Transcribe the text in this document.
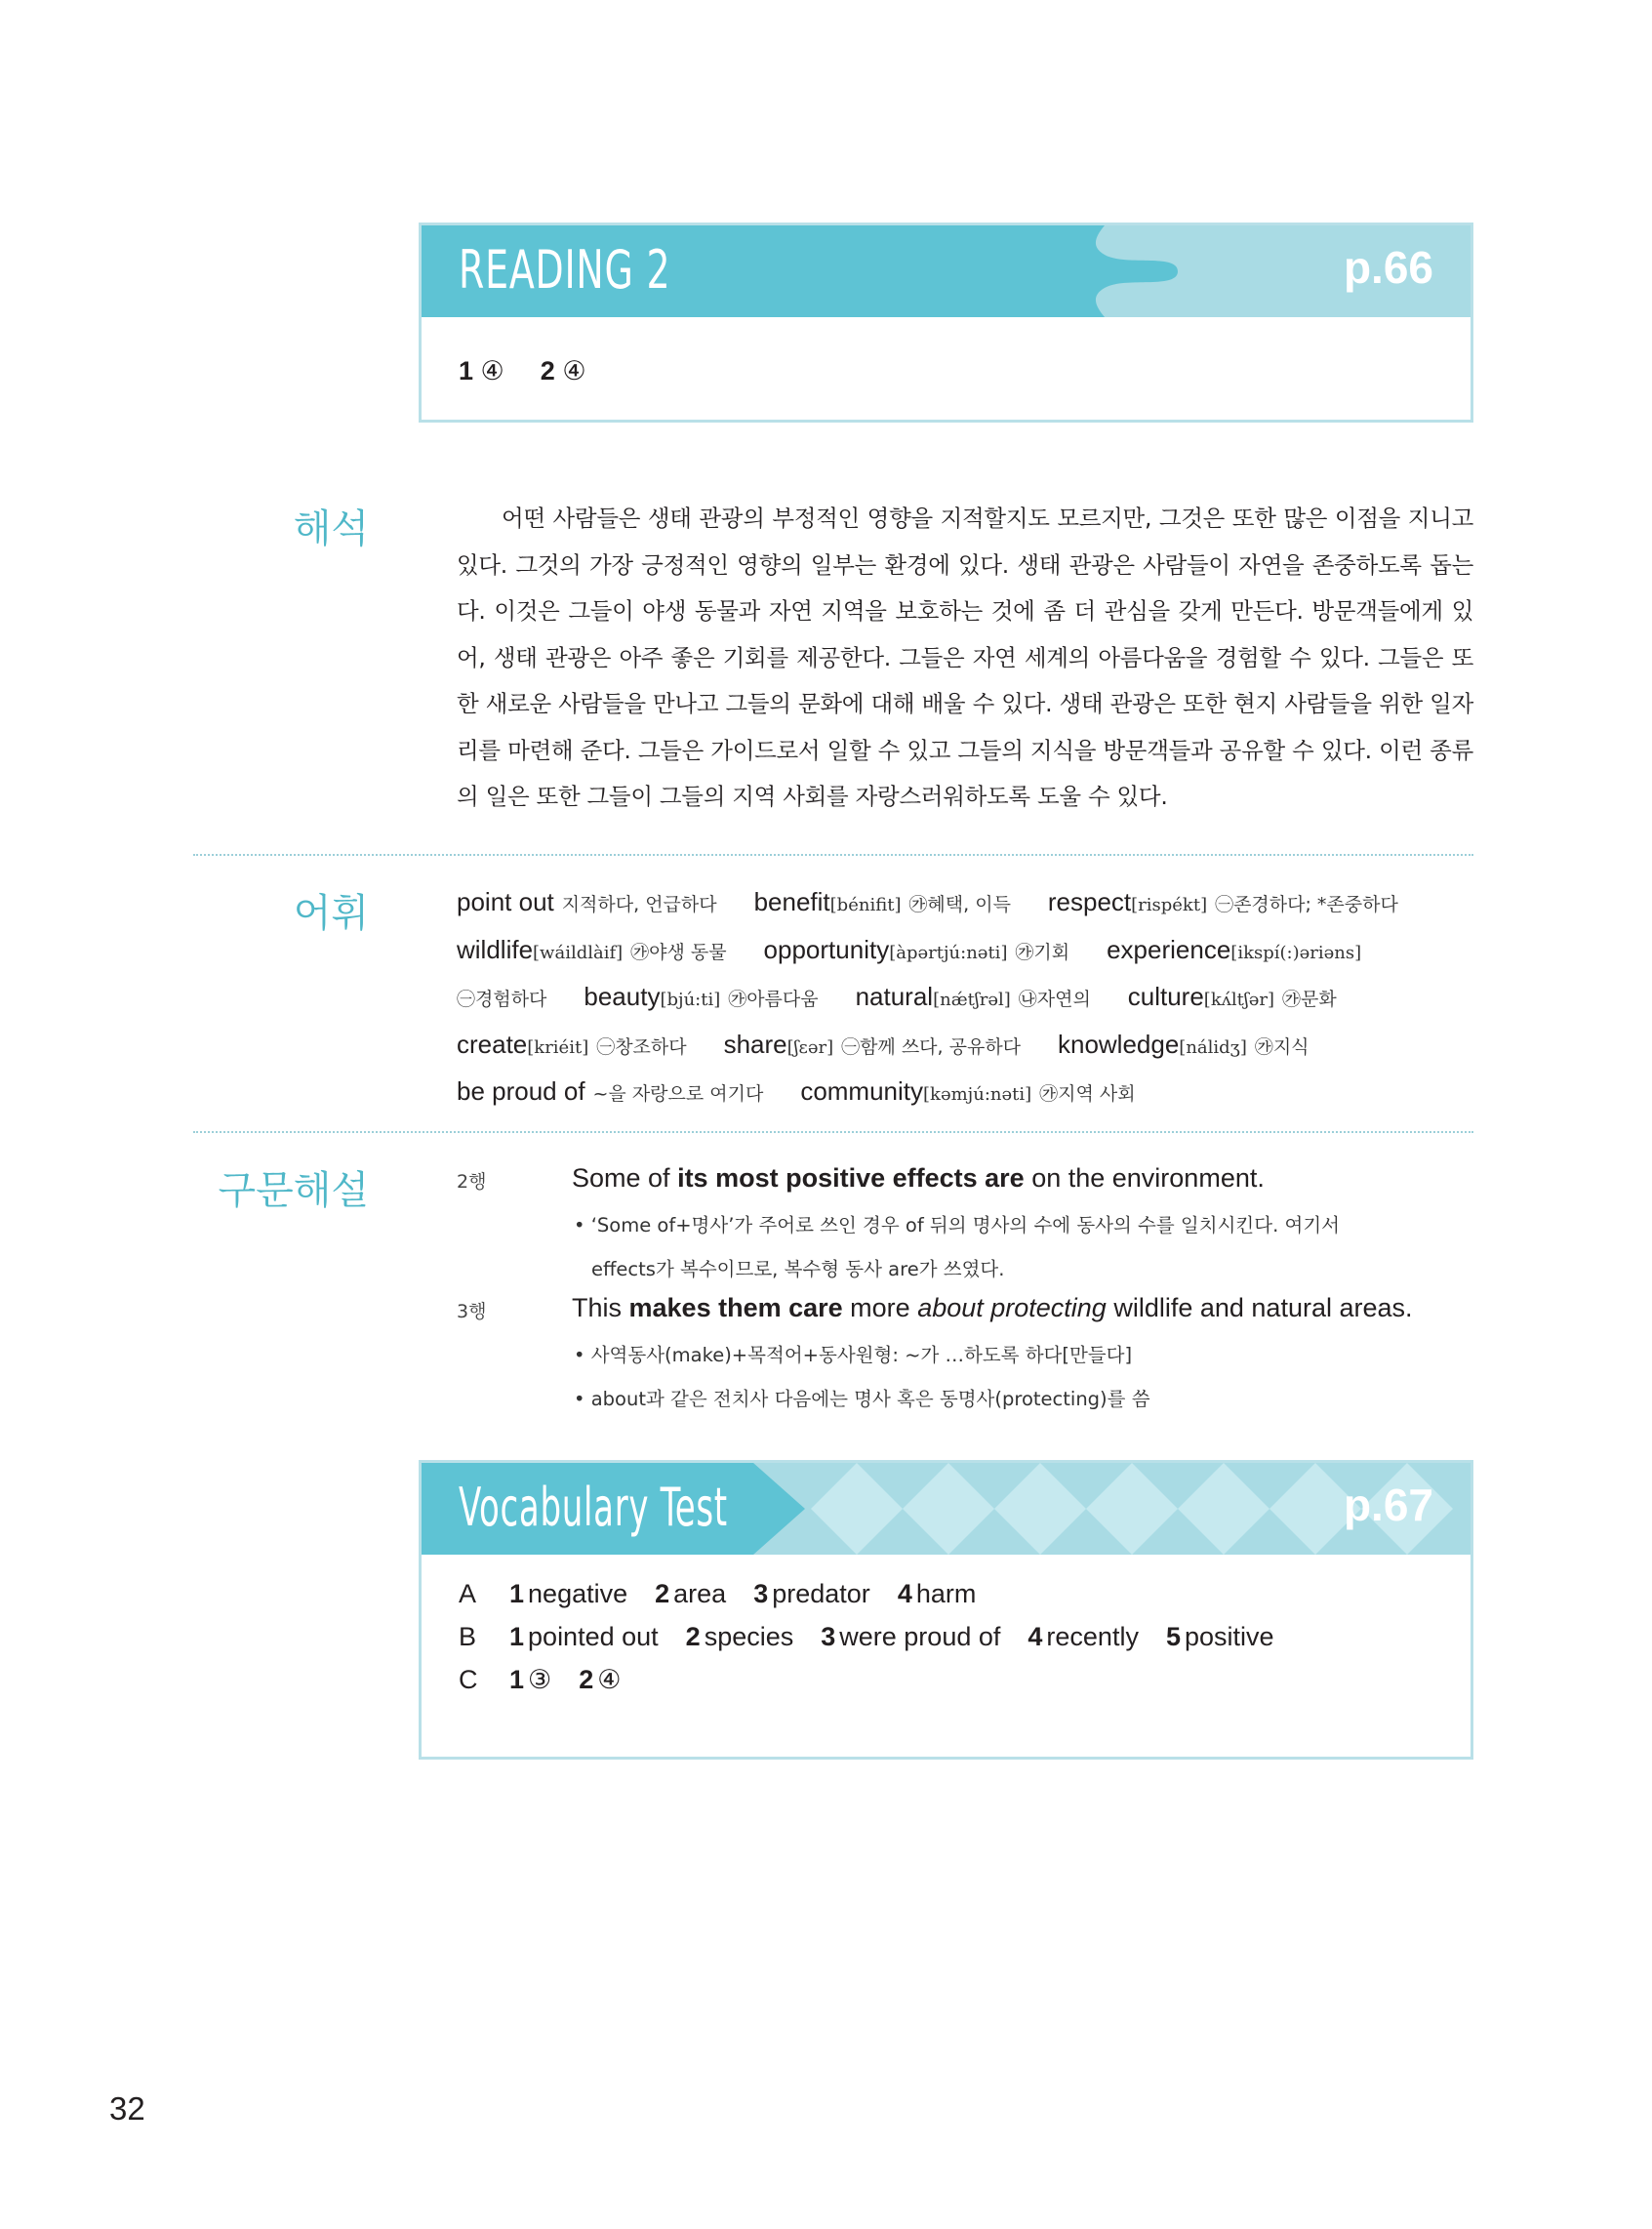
READING 2	p.66
1 ④ 2 ④
해석	어떤 사람들은 생태 관광의 부정적인 영향을 지적할지도 모르지만, 그것은 또한 많은 이점을 지니고 있다. 그것의 가장 긍정적인 영향의 일부는 환경에 있다. 생태 관광은 사람들이 자연을 존중하도록 돕는다. 이것은 그들이 야생 동물과 자연 지역을 보호하는 것에 좀 더 관심을 갖게 만든다. 방문객들에게 있어, 생태 관광은 아주 좋은 기회를 제공한다. 그들은 자연 세계의 아름다움을 경험할 수 있다. 그들은 또한 새로운 사람들을 만나고 그들의 문화에 대해 배울 수 있다. 생태 관광은 또한 현지 사람들을 위한 일자리를 마련해 준다. 그들은 가이드로서 일할 수 있고 그들의 지식을 방문객들과 공유할 수 있다. 이런 종류의 일은 또한 그들이 그들의 지역 사회를 자랑스러워하도록 도울 수 있다.
어휘	point out 지적하다, 언급하다 benefit[bénifit] ㉮혜택, 이득 respect[rispékt] ㊀존경하다; *존중하다
wildlife[wáildlàif] ㉮야생 동물 opportunity[àpərtjú:nəti] ㉮기회 experience[ikspí(:)əriəns]
㊀경험하다 beauty[bjú:ti] ㉮아름다움 natural[nǽtʃrəl] ㉯자연의 culture[kʌ́ltʃər] ㉮문화
create[kriéit] ㊀창조하다 share[ʃɛər] ㊀함께 쓰다, 공유하다 knowledge[nálidʒ] ㉮지식
be proud of ~을 자랑으로 여기다 community[kəmjú:nəti] ㉮지역 사회
구문해설	2행	Some of its most positive effects are on the environment.
• ‘Some of+명사’가 주어로 쓰인 경우 of 뒤의 명사의 수에 동사의 수를 일치시킨다. 여기서
effects가 복수이므로, 복수형 동사 are가 쓰였다.
3행	This makes them care more about protecting wildlife and natural areas.
• 사역동사(make)+목적어+동사원형: ~가 …하도록 하다[만들다]
• about과 같은 전치사 다음에는 명사 혹은 동명사(protecting)를 씀
Vocabulary Test	p.67
A	1 negative 2 area 3 predator 4 harm
B	1 pointed out 2 species 3 were proud of 4 recently 5 positive
C	1 ③ 2 ④
32
